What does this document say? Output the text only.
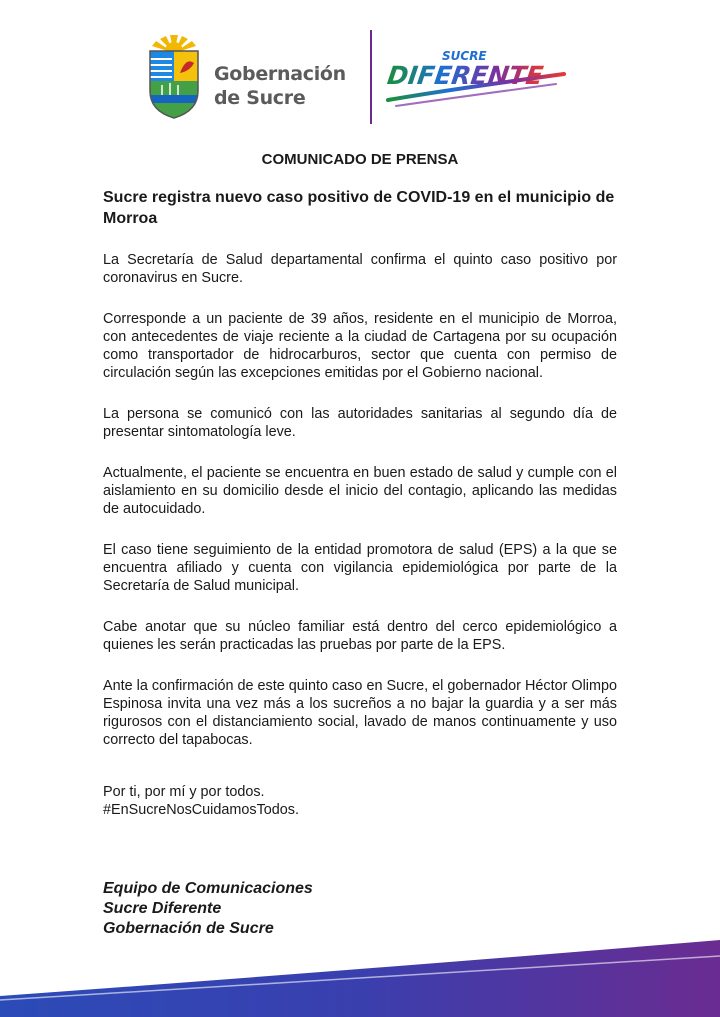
Gobernación
de Sucre
SUCRE
DIFERENTE

COMUNICADO DE PRENSA

Sucre registra nuevo caso positivo de COVID-19 en el municipio de Morroa

La Secretaría de Salud departamental confirma el quinto caso positivo por coronavirus en Sucre.

Corresponde a un paciente de 39 años, residente en el municipio de Morroa, con antecedentes de viaje reciente a la ciudad de Cartagena por su ocupación como transportador de hidrocarburos, sector que cuenta con permiso de circulación según las excepciones emitidas por el Gobierno nacional.

La persona se comunicó con las autoridades sanitarias al segundo día de presentar sintomatología leve.

Actualmente, el paciente se encuentra en buen estado de salud y cumple con el aislamiento en su domicilio desde el inicio del contagio, aplicando las medidas de autocuidado.

El caso tiene seguimiento de la entidad promotora de salud (EPS) a la que se encuentra afiliado y cuenta con vigilancia epidemiológica por parte de la Secretaría de Salud municipal.

Cabe anotar que su núcleo familiar está dentro del cerco epidemiológico a quienes les serán practicadas las pruebas por parte de la EPS.

Ante la confirmación de este quinto caso en Sucre, el gobernador Héctor Olimpo Espinosa invita una vez más a los sucreños a no bajar la guardia y a ser más rigurosos con el distanciamiento social, lavado de manos continuamente y uso correcto del tapabocas.

Por ti, por mí y por todos.
#EnSucreNosCuidamosTodos.
Equipo de Comunicaciones
Sucre Diferente
Gobernación de Sucre
